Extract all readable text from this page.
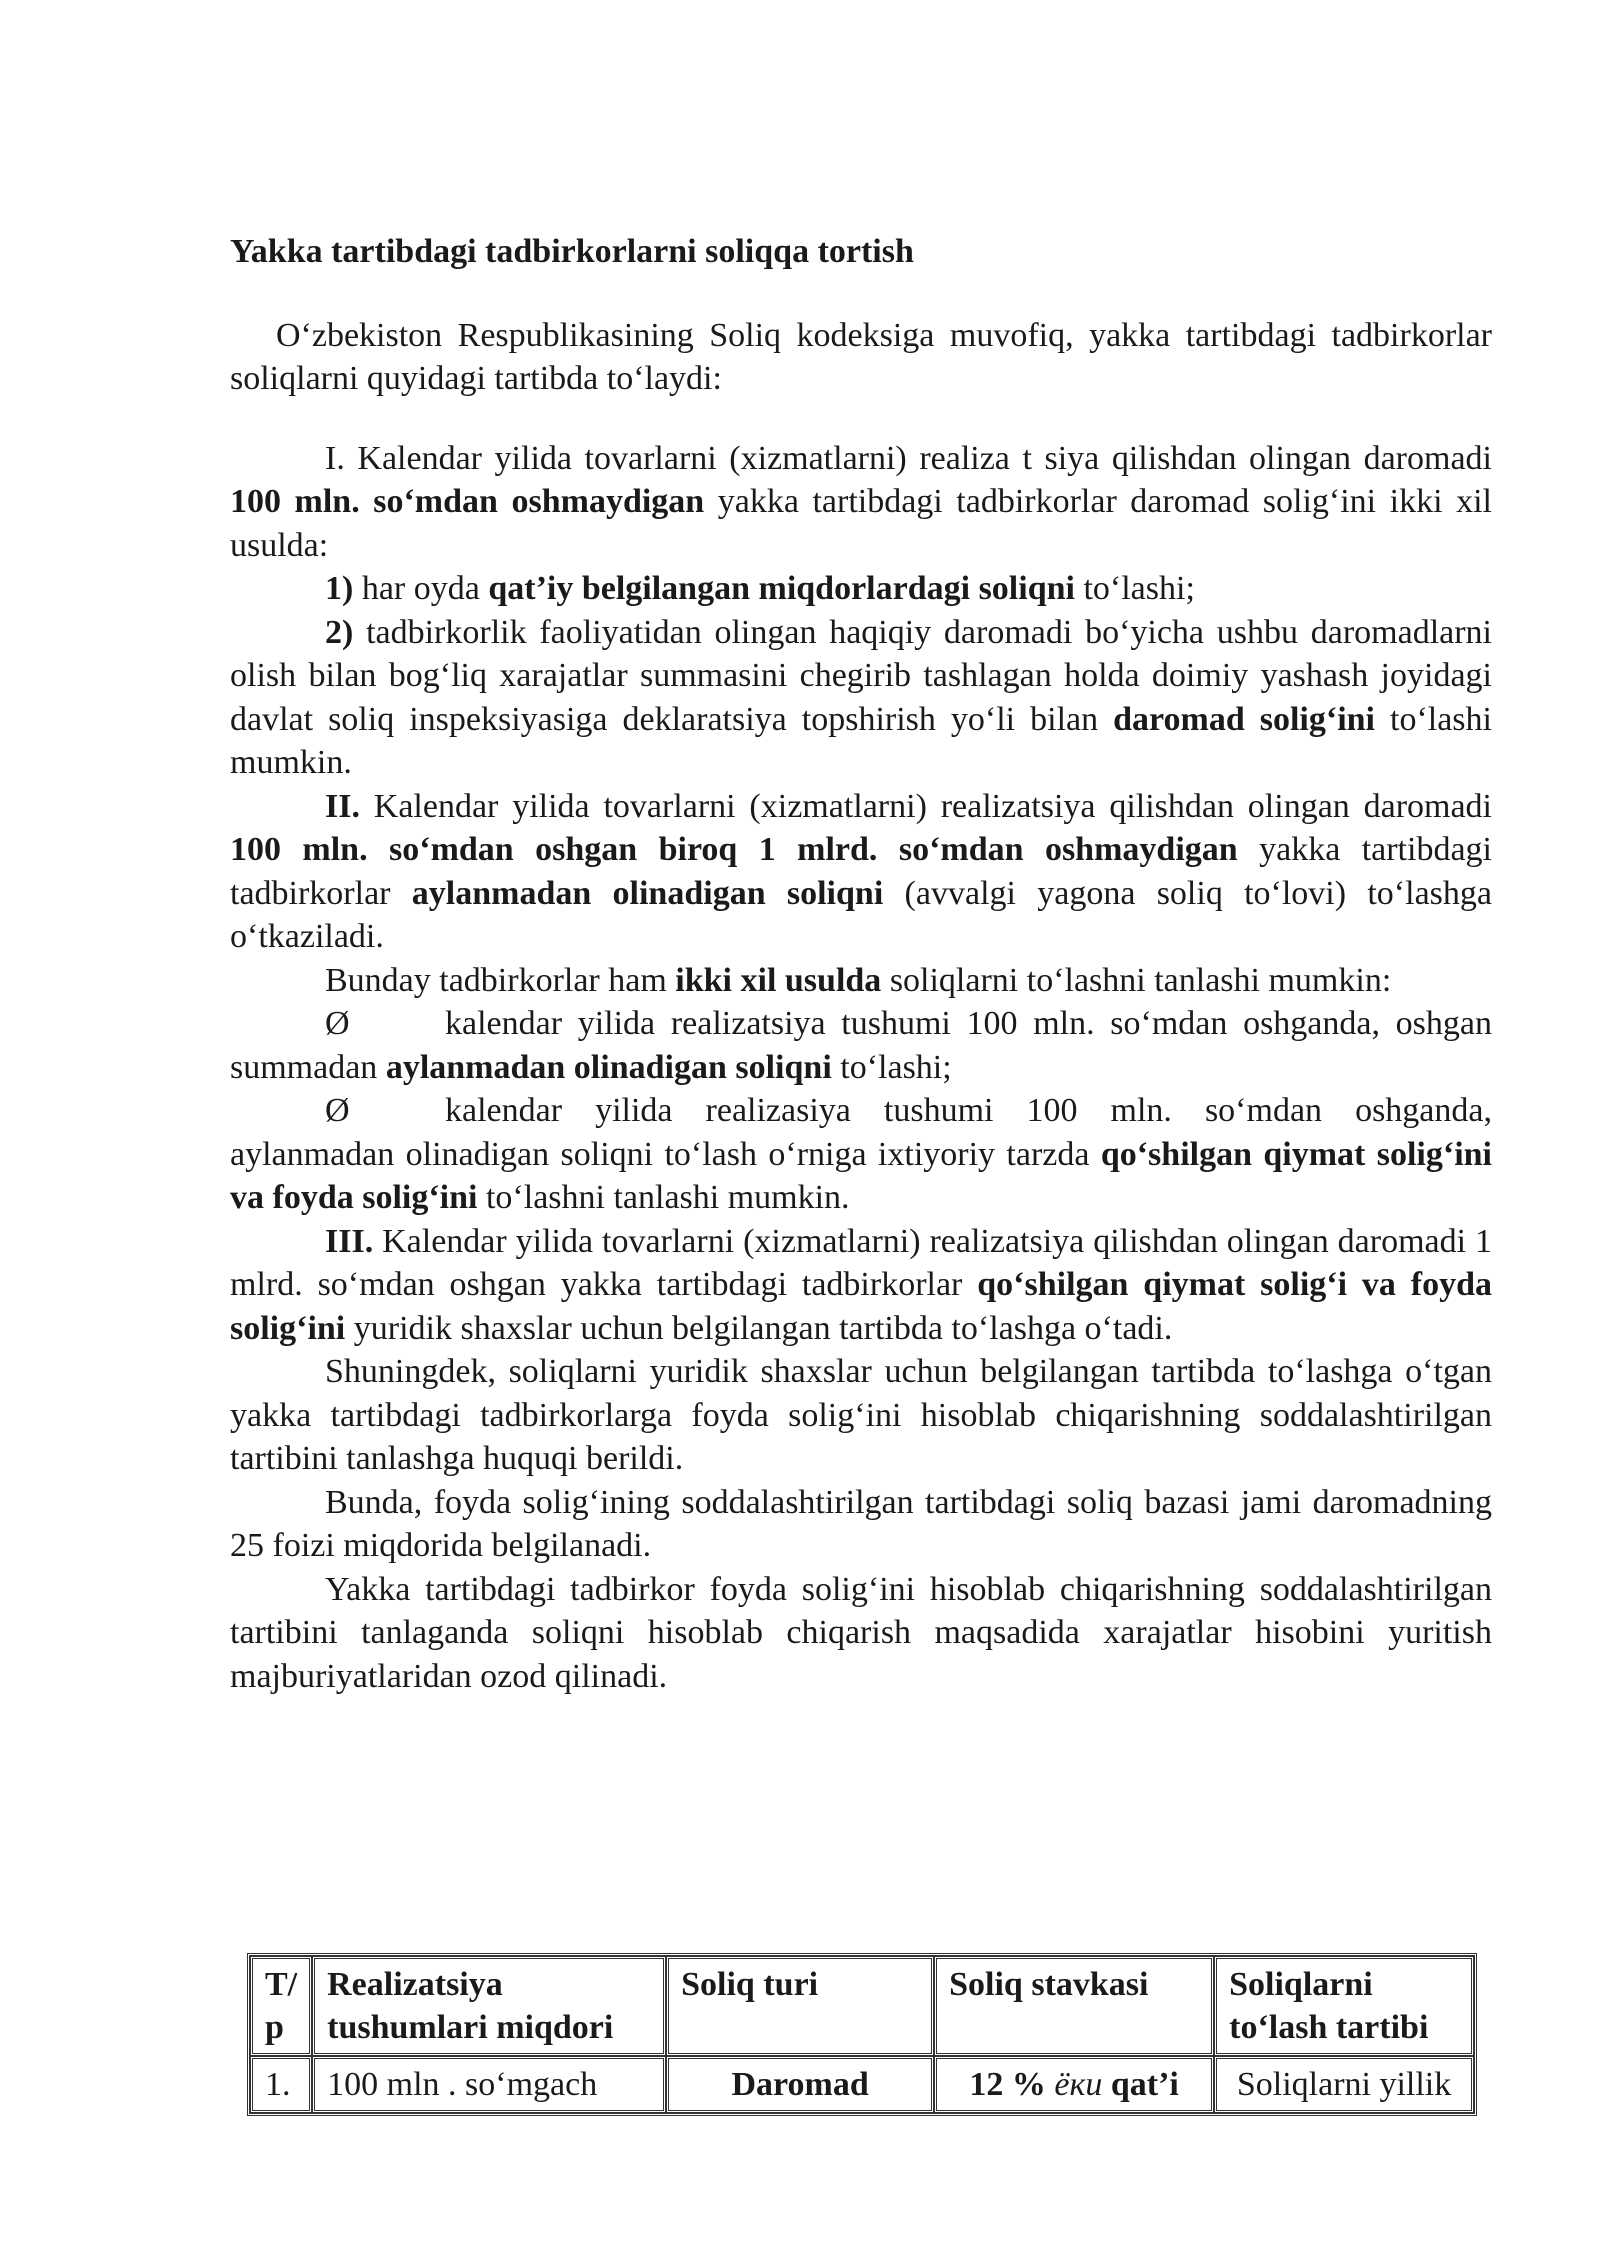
Yakka tartibdagi tadbirkorlarni soliqqa tortish

O‘zbekiston Respublikasining Soliq kodeksiga muvofiq, yakka tartibdagi tadbirkorlar soliqlarni quyidagi tartibda to‘laydi:

I. Kalendar yilida tovarlarni (xizmatlarni) realiza t siya qilishdan olingan daromadi 100 mln. so‘mdan oshmaydigan yakka tartibdagi tadbirkorlar daromad solig‘ini ikki xil usulda:

1) har oyda qat’iy belgilangan miqdorlardagi soliqni to‘lashi;

2) tadbirkorlik faoliyatidan olingan haqiqiy daromadi bo‘yicha ushbu daromadlarni olish bilan bog‘liq xarajatlar summasini chegirib tashlagan holda doimiy yashash joyidagi davlat soliq inspeksiyasiga deklaratsiya topshirish yo‘li bilan daromad solig‘ini to‘lashi mumkin.

II. Kalendar yilida tovarlarni (xizmatlarni) realizatsiya qilishdan olingan daromadi 100 mln. so‘mdan oshgan biroq 1 mlrd. so‘mdan oshmaydigan yakka tartibdagi tadbirkorlar aylanmadan olinadigan soliqni (avvalgi yagona soliq to‘lovi) to‘lashga o‘tkaziladi.

Bunday tadbirkorlar ham ikki xil usulda soliqlarni to‘lashni tanlashi mumkin:

Ø	kalendar yilida realizatsiya tushumi 100 mln. so‘mdan oshganda, oshgan summadan aylanmadan olinadigan soliqni to‘lashi;

Ø	kalendar yilida realizasiya tushumi 100 mln. so‘mdan oshganda, aylanmadan olinadigan soliqni to‘lash o‘rniga ixtiyoriy tarzda qo‘shilgan qiymat solig‘ini va foyda solig‘ini to‘lashni tanlashi mumkin.

III. Kalendar yilida tovarlarni (xizmatlarni) realizatsiya qilishdan olingan daromadi 1 mlrd. so‘mdan oshgan yakka tartibdagi tadbirkorlar qo‘shilgan qiymat solig‘i va foyda solig‘ini yuridik shaxslar uchun belgilangan tartibda to‘lashga o‘tadi.

Shuningdek, soliqlarni yuridik shaxslar uchun belgilangan tartibda to‘lashga o‘tgan yakka tartibdagi tadbirkorlarga foyda solig‘ini hisoblab chiqarishning soddalashtirilgan tartibini tanlashga huquqi berildi.

Bunda, foyda solig‘ining soddalashtirilgan tartibdagi soliq bazasi jami daromadning 25 foizi miqdorida belgilanadi.

Yakka tartibdagi tadbirkor foyda solig‘ini hisoblab chiqarishning soddalashtirilgan tartibini tanlaganda soliqni hisoblab chiqarish maqsadida xarajatlar hisobini yuritish majburiyatlaridan ozod qilinadi.

T/ p	Realizatsiya tushumlari miqdori	Soliq turi	Soliq stavkasi	Soliqlarni to‘lash tartibi
1.	100 mln . so‘mgach	Daromad	12 % ёки qat’i	Soliqlarni yillik
